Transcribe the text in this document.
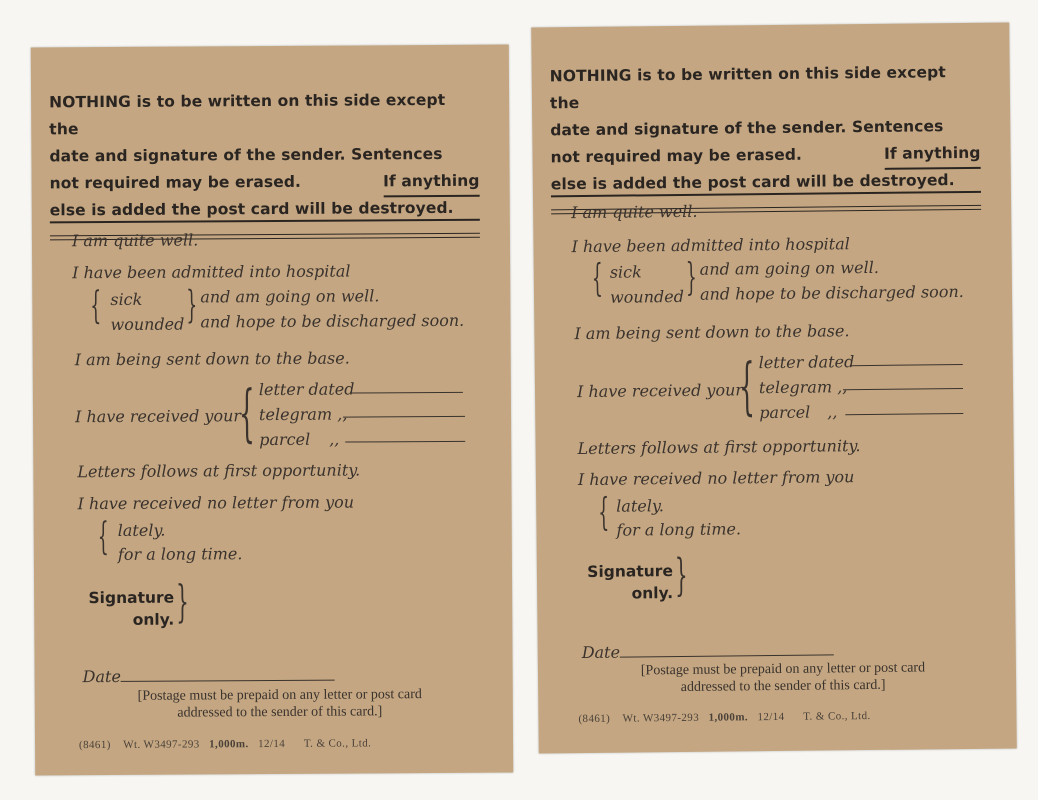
NOTHING is to be written on this side except the
date and signature of the sender. Sentences
not required may be erased.	If anything
else is added the post card will be destroyed.
I am quite well.
I have been admitted into hospital
{ sick
wounded } and am going on well.
and hope to be discharged soon.
I am being sent down to the base.
I have received your
{ letter dated
telegram ,,
parcel ,,
Letters follows at first opportunity.
I have received no letter from you
{ lately.
for a long time.
Signature
only. }
Date
[Postage must be prepaid on any letter or post card
addressed to the sender of this card.]
(8461) Wt. W3497-293 1,000m. 12/14 T. & Co., Ltd.
NOTHING is to be written on this side except the
date and signature of the sender. Sentences
not required may be erased.	If anything
else is added the post card will be destroyed.
I am quite well.
I have been admitted into hospital
{ sick
wounded } and am going on well.
and hope to be discharged soon.
I am being sent down to the base.
I have received your
{ letter dated
telegram ,,
parcel ,,
Letters follows at first opportunity.
I have received no letter from you
{ lately.
for a long time.
Signature
only. }
Date
[Postage must be prepaid on any letter or post card
addressed to the sender of this card.]
(8461) Wt. W3497-293 1,000m. 12/14 T. & Co., Ltd.
